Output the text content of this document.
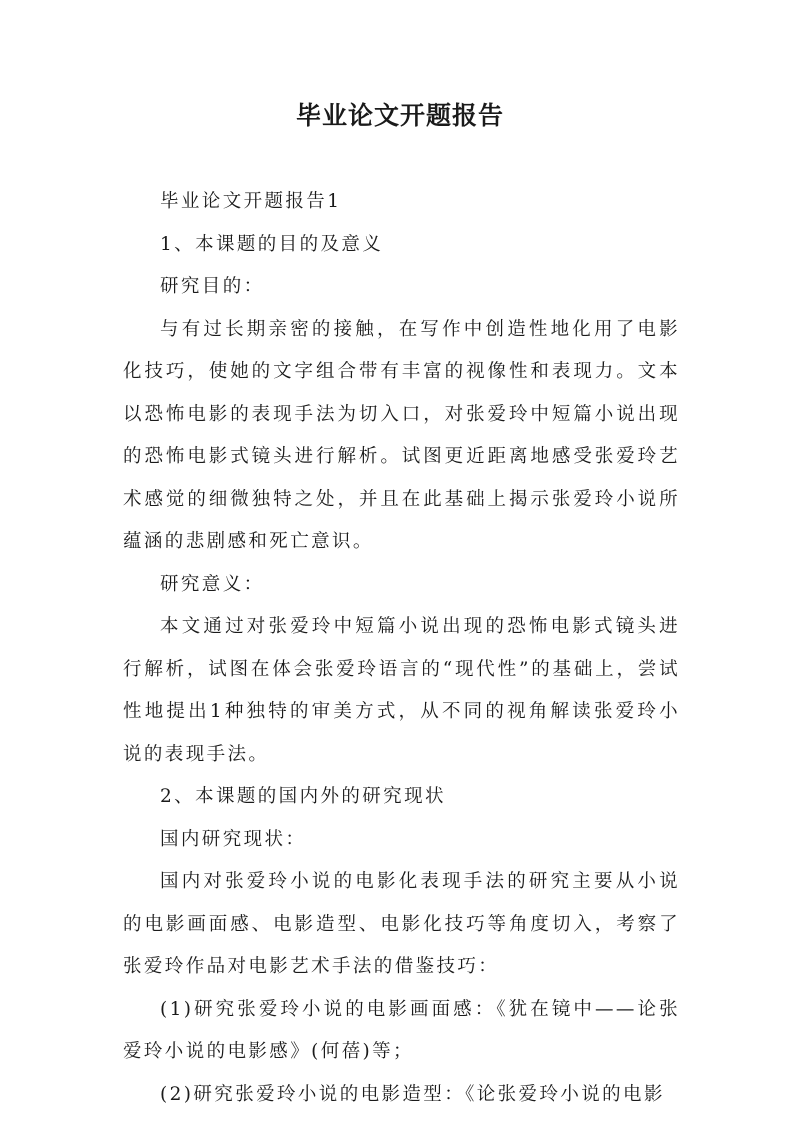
毕业论文开题报告

毕业论文开题报告1

1、本课题的目的及意义

研究目的：

与有过长期亲密的接触，在写作中创造性地化用了电影化技巧，使她的文字组合带有丰富的视像性和表现力。文本以恐怖电影的表现手法为切入口，对张爱玲中短篇小说出现的恐怖电影式镜头进行解析。试图更近距离地感受张爱玲艺术感觉的细微独特之处，并且在此基础上揭示张爱玲小说所蕴涵的悲剧感和死亡意识。

研究意义：

本文通过对张爱玲中短篇小说出现的恐怖电影式镜头进行解析，试图在体会张爱玲语言的“现代性”的基础上，尝试性地提出1种独特的审美方式，从不同的视角解读张爱玲小说的表现手法。

2、本课题的国内外的研究现状

国内研究现状：

国内对张爱玲小说的电影化表现手法的研究主要从小说的电影画面感、电影造型、电影化技巧等角度切入，考察了张爱玲作品对电影艺术手法的借鉴技巧：

(1)研究张爱玲小说的电影画面感：《犹在镜中——论张爱玲小说的电影感》(何蓓)等；

(2)研究张爱玲小说的电影造型：《论张爱玲小说的电影
